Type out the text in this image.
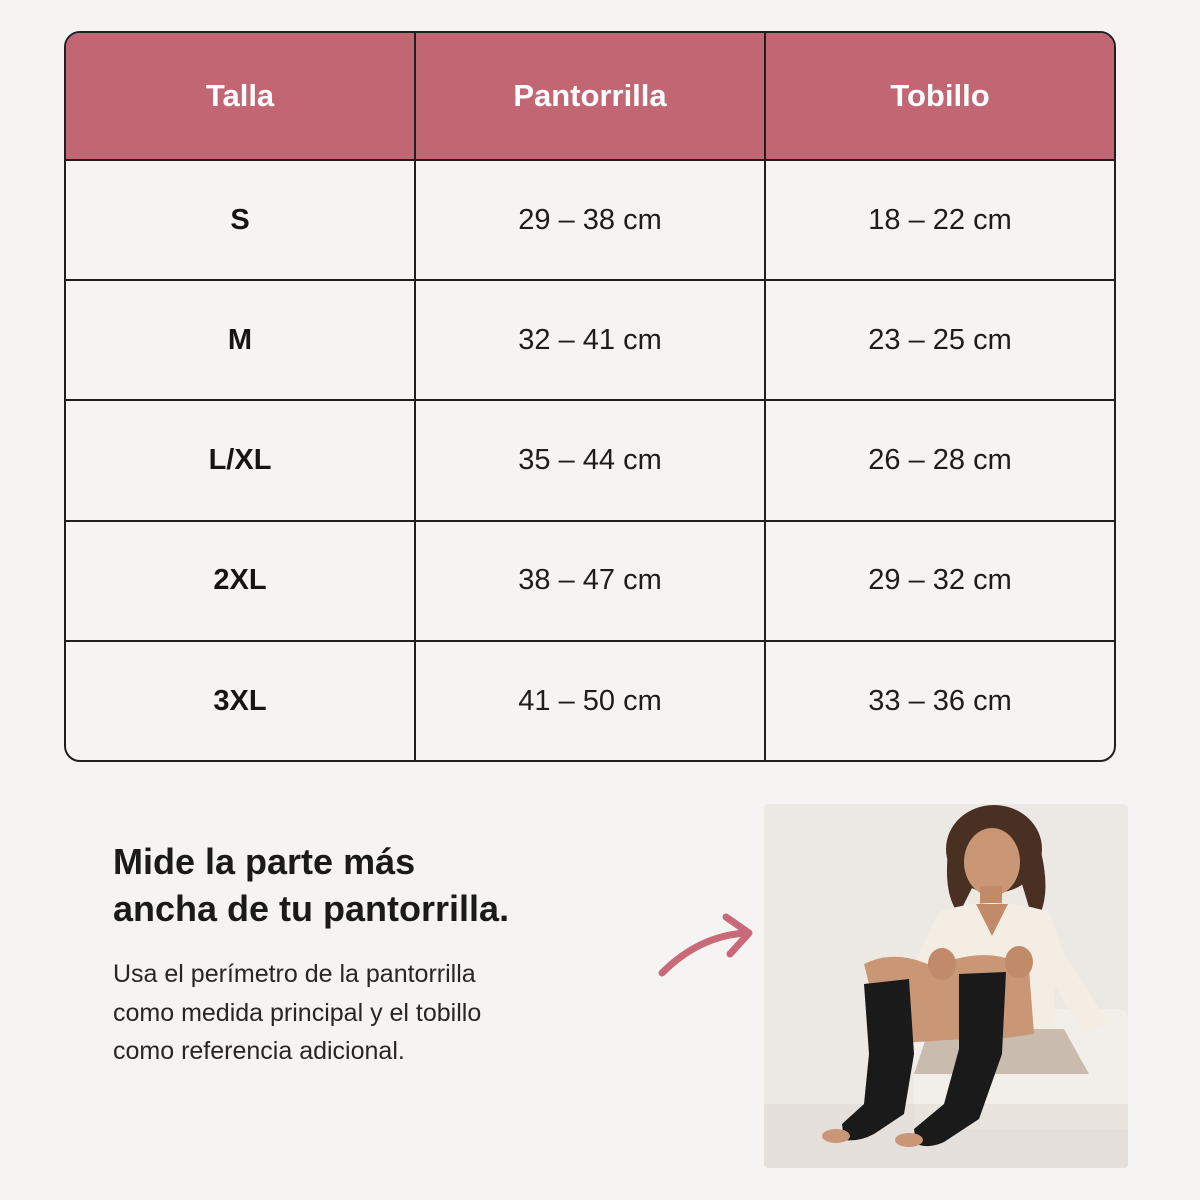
Talla	Pantorrilla	Tobillo
S	29 – 38 cm	18 – 22 cm
M	32 – 41 cm	23 – 25 cm
L/XL	35 – 44 cm	26 – 28 cm
2XL	38 – 47 cm	29 – 32 cm
3XL	41 – 50 cm	33 – 36 cm
Mide la parte más
ancha de tu pantorrilla.

Usa el perímetro de la pantorrilla
como medida principal y el tobillo
como referencia adicional.
